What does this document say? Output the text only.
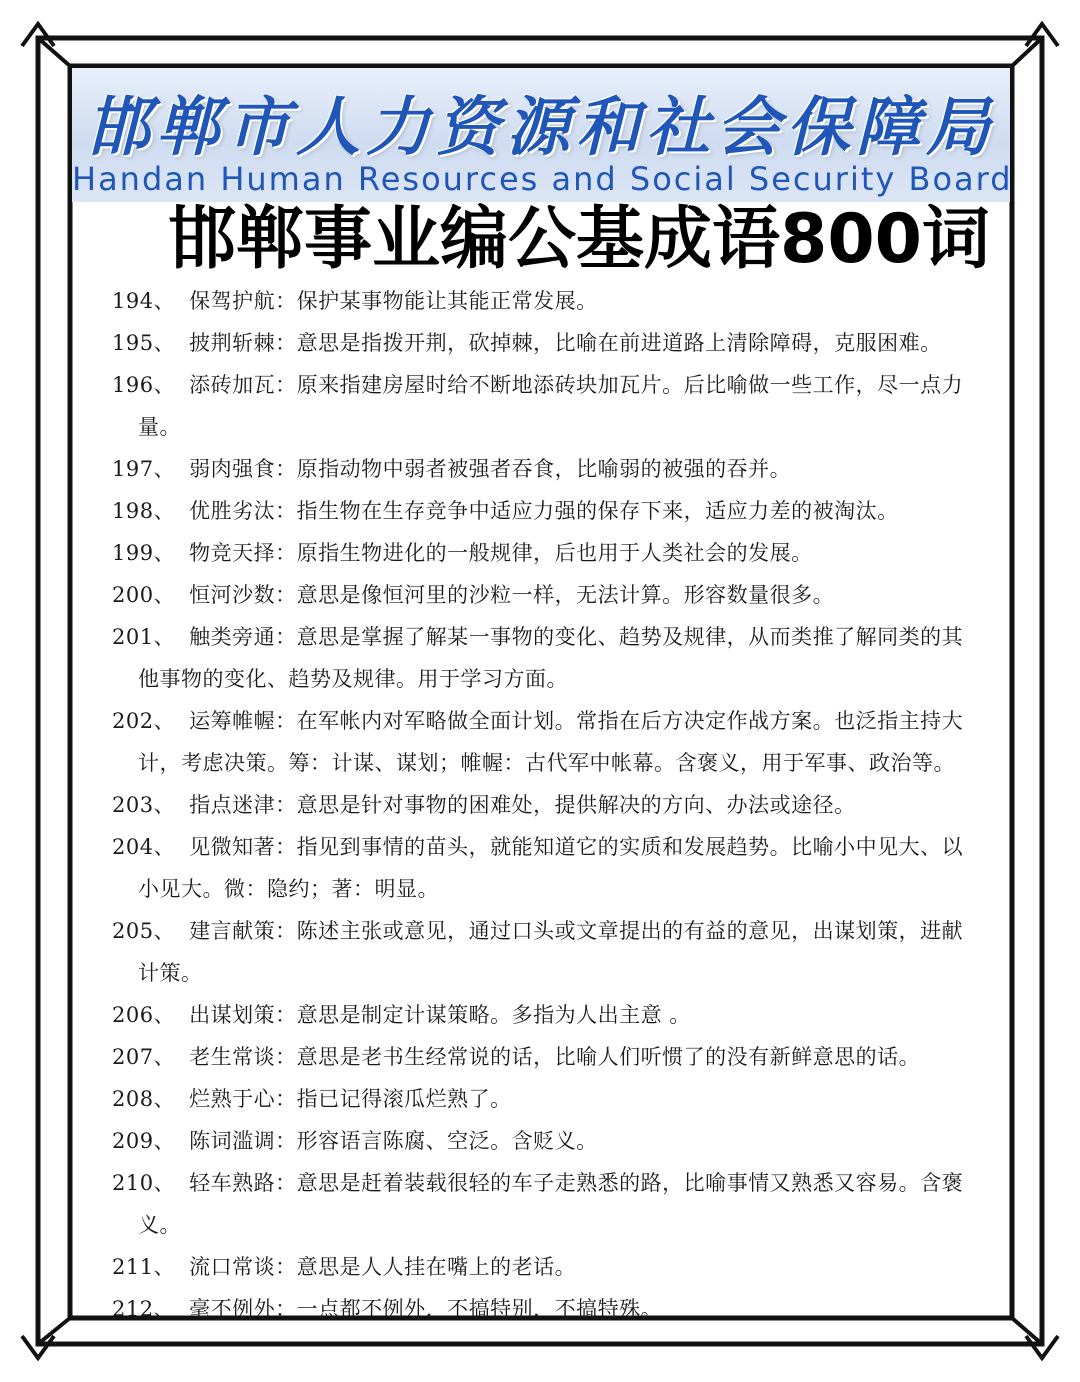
邯郸市人力资源和社会保障局
Handan Human Resources and Social Security Board
邯郸事业编公基成语800词

194、 保驾护航：保护某事物能让其能正常发展。

195、 披荆斩棘：意思是指拨开荆，砍掉棘，比喻在前进道路上清除障碍，克服困难。

196、 添砖加瓦：原来指建房屋时给不断地添砖块加瓦片。后比喻做一些工作，尽一点力量。

197、 弱肉强食：原指动物中弱者被强者吞食，比喻弱的被强的吞并。

198、 优胜劣汰：指生物在生存竞争中适应力强的保存下来，适应力差的被淘汰。

199、 物竞天择：原指生物进化的一般规律，后也用于人类社会的发展。

200、 恒河沙数：意思是像恒河里的沙粒一样，无法计算。形容数量很多。

201、 触类旁通：意思是掌握了解某一事物的变化、趋势及规律，从而类推了解同类的其他事物的变化、趋势及规律。用于学习方面。

202、 运筹帷幄：在军帐内对军略做全面计划。常指在后方决定作战方案。也泛指主持大计，考虑决策。筹：计谋、谋划；帷幄：古代军中帐幕。含褒义，用于军事、政治等。

203、 指点迷津：意思是针对事物的困难处，提供解决的方向、办法或途径。

204、 见微知著：指见到事情的苗头，就能知道它的实质和发展趋势。比喻小中见大、以小见大。微：隐约；著：明显。

205、 建言献策：陈述主张或意见，通过口头或文章提出的有益的意见，出谋划策，进献计策。

206、 出谋划策：意思是制定计谋策略。多指为人出主意 。

207、 老生常谈：意思是老书生经常说的话，比喻人们听惯了的没有新鲜意思的话。

208、 烂熟于心：指已记得滚瓜烂熟了。

209、 陈词滥调：形容语言陈腐、空泛。含贬义。

210、 轻车熟路：意思是赶着装载很轻的车子走熟悉的路，比喻事情又熟悉又容易。含褒义。

211、 流口常谈：意思是人人挂在嘴上的老话。

212、 毫不例外：一点都不例外，不搞特别，不搞特殊。
